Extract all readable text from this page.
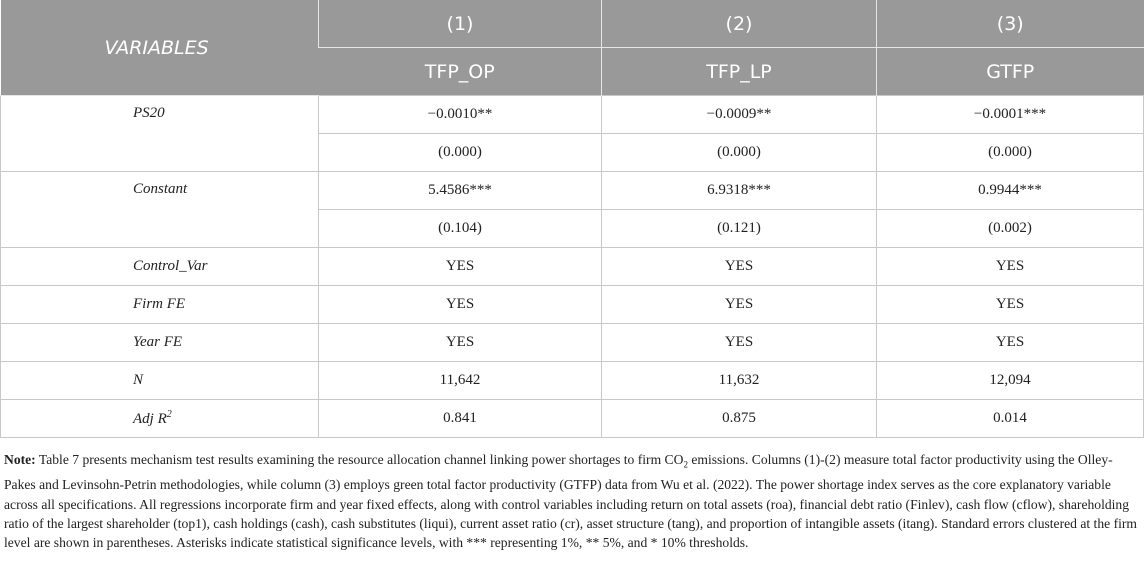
VARIABLES	(1)	(2)	(3)
	TFP_OP	TFP_LP	GTFP
PS20	−0.0010**	−0.0009**	−0.0001***
	(0.000)	(0.000)	(0.000)
Constant	5.4586***	6.9318***	0.9944***
	(0.104)	(0.121)	(0.002)
Control_Var	YES	YES	YES
Firm FE	YES	YES	YES
Year FE	YES	YES	YES
N	11,642	11,632	12,094
Adj $R^2$	0.841	0.875	0.014
Note: Table 7 presents mechanism test results examining the resource allocation channel linking power shortages to firm $CO_2$ emissions. Columns (1)-(2) measure total factor productivity using the Olley-Pakes and Levinsohn-Petrin methodologies, while column (3) employs green total factor productivity (GTFP) data from Wu et al. (2022). The power shortage index serves as the core explanatory variable across all specifications. All regressions incorporate firm and year fixed effects, along with control variables including return on total assets (roa), financial debt ratio (Finlev), cash flow (cflow), shareholding ratio of the largest shareholder (top1), cash holdings (cash), cash substitutes (liqui), current asset ratio (cr), asset structure (tang), and proportion of intangible assets (itang). Standard errors clustered at the firm level are shown in parentheses. Asterisks indicate statistical significance levels, with *** representing 1%, ** 5%, and * 10% thresholds.
